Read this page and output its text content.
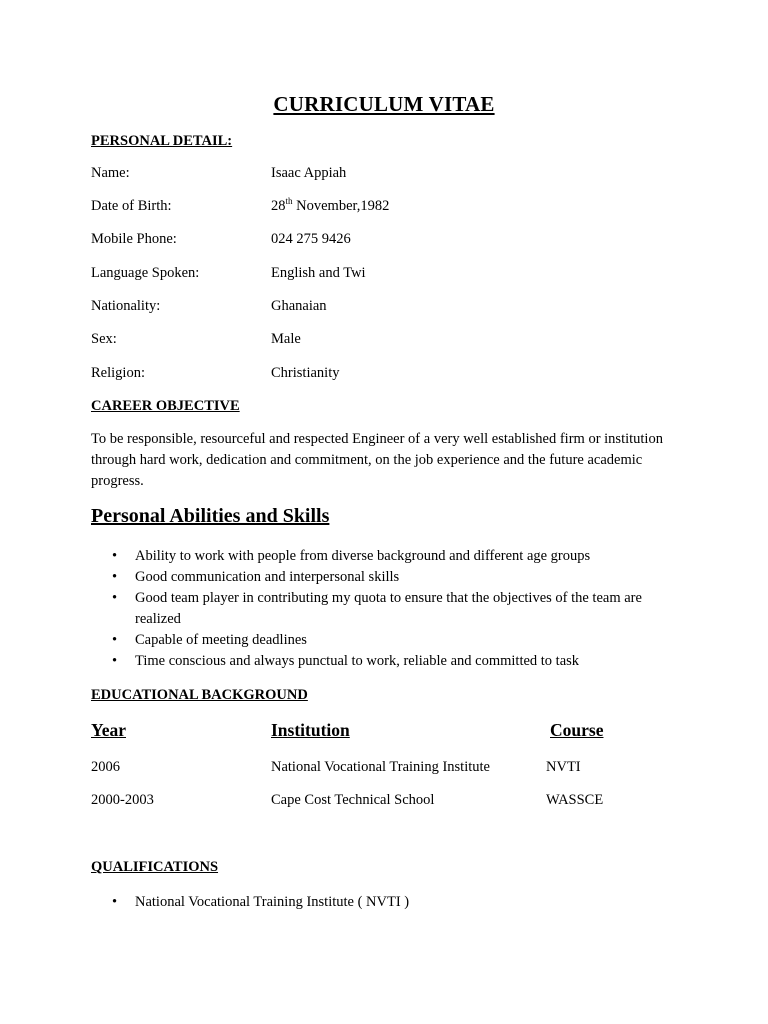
CURRICULUM VITAE
PERSONAL DETAIL:
Name:	Isaac Appiah
Date of Birth:	28th November,1982
Mobile Phone:	024 275 9426
Language Spoken:	English and Twi
Nationality:	Ghanaian
Sex:	Male
Religion:	Christianity
CAREER OBJECTIVE
To be responsible, resourceful and respected Engineer of a very well established firm or institution through hard work, dedication and commitment, on the job experience and the future academic progress.
Personal Abilities and Skills
• Ability to work with people from diverse background and different age groups
• Good communication and interpersonal skills
• Good team player in contributing my quota to ensure that the objectives of the team are realized
• Capable of meeting deadlines
• Time conscious and always punctual to work, reliable and committed to task
EDUCATIONAL BACKGROUND
Year	Institution	Course
2006	National Vocational Training Institute	NVTI
2000-2003	Cape Cost Technical School	WASSCE
QUALIFICATIONS
• National Vocational Training Institute ( NVTI )
